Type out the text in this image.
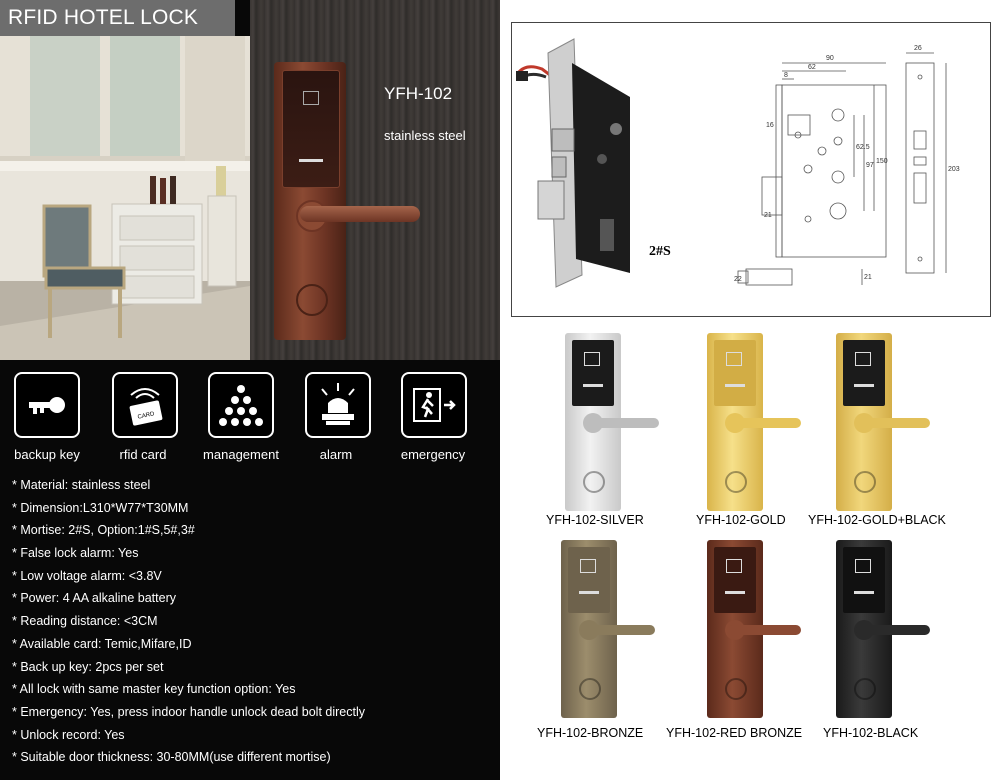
RFID HOTEL LOCK
YFH-102
stainless steel
CARD
backup key	rfid card	management	alarm	emergency
* Material: stainless steel
* Dimension:L310*W77*T30MM
* Mortise: 2#S, Option:1#S,5#,3#
* False lock alarm: Yes
* Low voltage alarm: <3.8V
* Power: 4 AA alkaline battery
* Reading distance: <3CM
* Available card: Temic,Mifare,ID
* Back up key: 2pcs per set
* All lock with same master key function option: Yes
* Emergency: Yes, press indoor handle unlock dead bolt directly
* Unlock record: Yes
* Suitable door thickness: 30-80MM(use different mortise)
2#S
90
62
8
26
16
62.5
97
150
203
21
22	21
YFH-102-SILVER	YFH-102-GOLD YFH-102-GOLD+BLACK
YFH-102-BRONZE YFH-102-RED BRONZE YFH-102-BLACK
